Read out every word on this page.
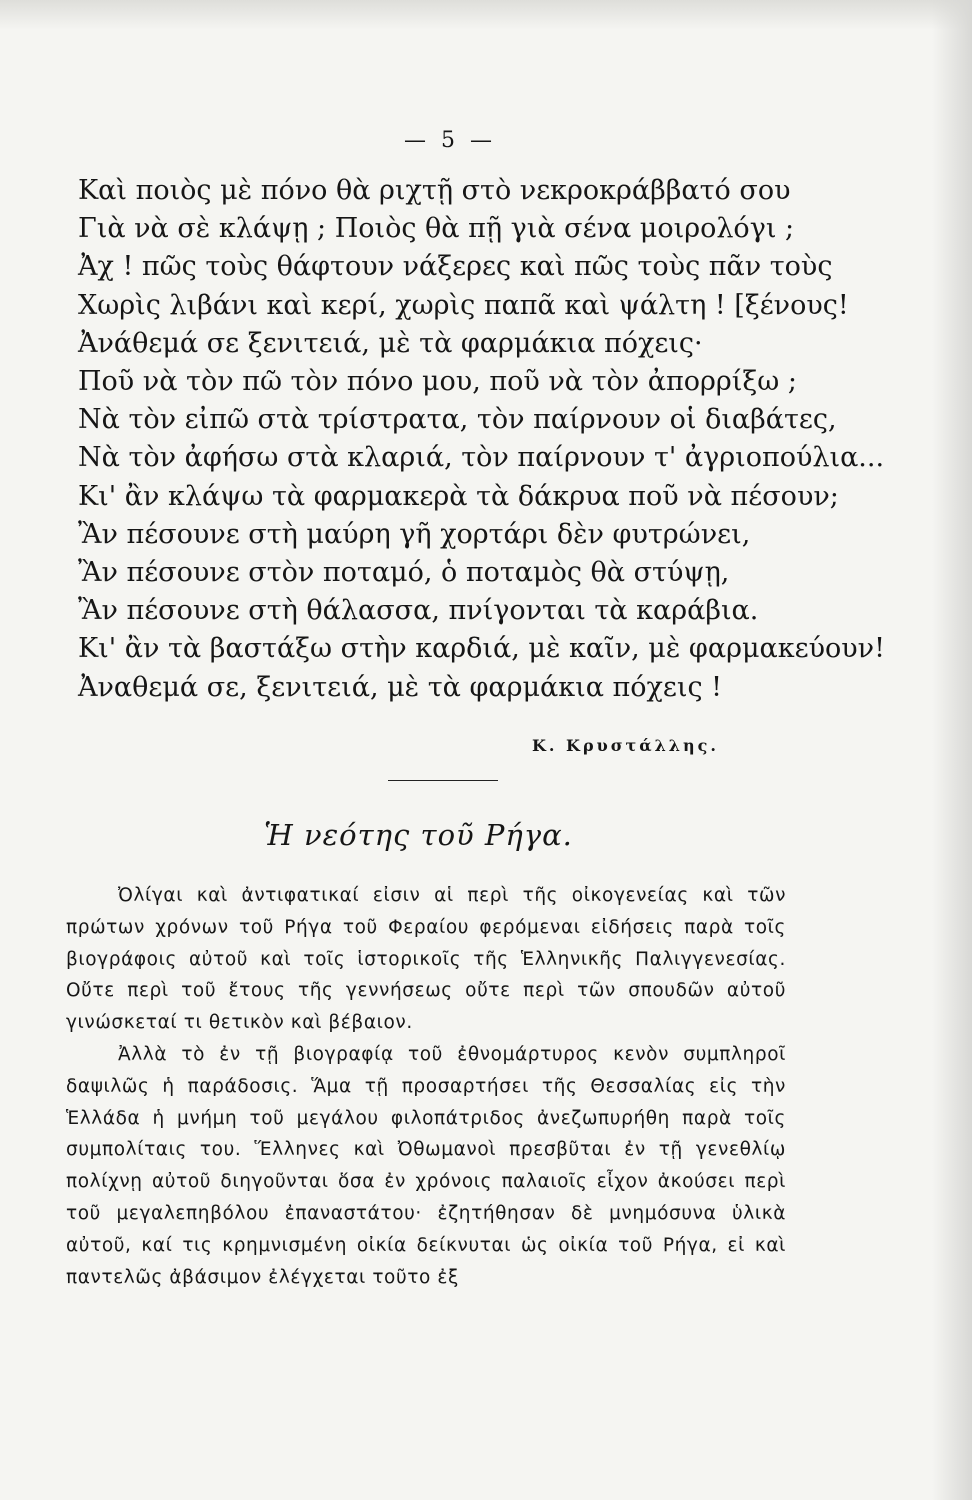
— 5 —
Καὶ ποιὸς μὲ πόνο θὰ ριχτῇ στὸ νεκροκράββατό σου
Γιὰ νὰ σὲ κλάψῃ ; Ποιὸς θὰ πῇ γιὰ σένα μοιρολόγι ;
Ἀχ ! πῶς τοὺς θάφτουν νάξερες καὶ πῶς τοὺς πᾶν τοὺς
Χωρὶς λιβάνι καὶ κερί, χωρὶς παπᾶ καὶ ψάλτη ! [ξένους!
Ἀνάθεμά σε ξενιτειά, μὲ τὰ φαρμάκια πόχεις·
Ποῦ νὰ τὸν πῶ τὸν πόνο μου, ποῦ νὰ τὸν ἀπορρίξω ;
Νὰ τὸν εἰπῶ στὰ τρίστρατα, τὸν παίρνουν οἱ διαβάτες,
Νὰ τὸν ἀφήσω στὰ κλαριά, τὸν παίρνουν τ' ἀγριοπούλια...
Κι' ἂν κλάψω τὰ φαρμακερὰ τὰ δάκρυα ποῦ νὰ πέσουν;
Ἂν πέσουνε στὴ μαύρη γῆ χορτάρι δὲν φυτρώνει,
Ἂν πέσουνε στὸν ποταμό, ὁ ποταμὸς θὰ στύψῃ,
Ἂν πέσουνε στὴ θάλασσα, πνίγονται τὰ καράβια.
Κι' ἂν τὰ βαστάξω στὴν καρδιά, μὲ καῖν, μὲ φαρμακεύουν!
Ἀναθεμά σε, ξενιτειά, μὲ τὰ φαρμάκια πόχεις !
Κ. Κρυστάλλης.
Ἡ νεότης τοῦ Ρήγα.

Ὀλίγαι καὶ ἀντιφατικαί εἰσιν αἱ περὶ τῆς οἰκογενείας καὶ τῶν πρώτων χρόνων τοῦ Ρήγα τοῦ Φεραίου φερόμεναι εἰδήσεις παρὰ τοῖς βιογράφοις αὐτοῦ καὶ τοῖς ἱστορικοῖς τῆς Ἑλληνικῆς Παλιγγενεσίας. Οὔτε περὶ τοῦ ἔτους τῆς γεννήσεως οὔτε περὶ τῶν σπουδῶν αὐτοῦ γινώσκεταί τι θετικὸν καὶ βέβαιον.

Ἀλλὰ τὸ ἐν τῇ βιογραφίᾳ τοῦ ἐθνομάρτυρος κενὸν συμπληροῖ δαψιλῶς ἡ παράδοσις. Ἅμα τῇ προσαρτήσει τῆς Θεσσαλίας εἰς τὴν Ἑλλάδα ἡ μνήμη τοῦ μεγάλου φιλοπάτριδος ἀνεζωπυρήθη παρὰ τοῖς συμπολίταις του. Ἕλληνες καὶ Ὀθωμανοὶ πρεσβῦται ἐν τῇ γενεθλίῳ πολίχνῃ αὐτοῦ διηγοῦνται ὅσα ἐν χρόνοις παλαιοῖς εἶχον ἀκούσει περὶ τοῦ μεγαλεπηβόλου ἐπαναστάτου· ἐζητήθησαν δὲ μνημόσυνα ὑλικὰ αὐτοῦ, καί τις κρημνισμένη οἰκία δείκνυται ὡς οἰκία τοῦ Ρήγα, εἰ καὶ παντελῶς ἀβάσιμον ἐλέγχεται τοῦτο ἐξ
